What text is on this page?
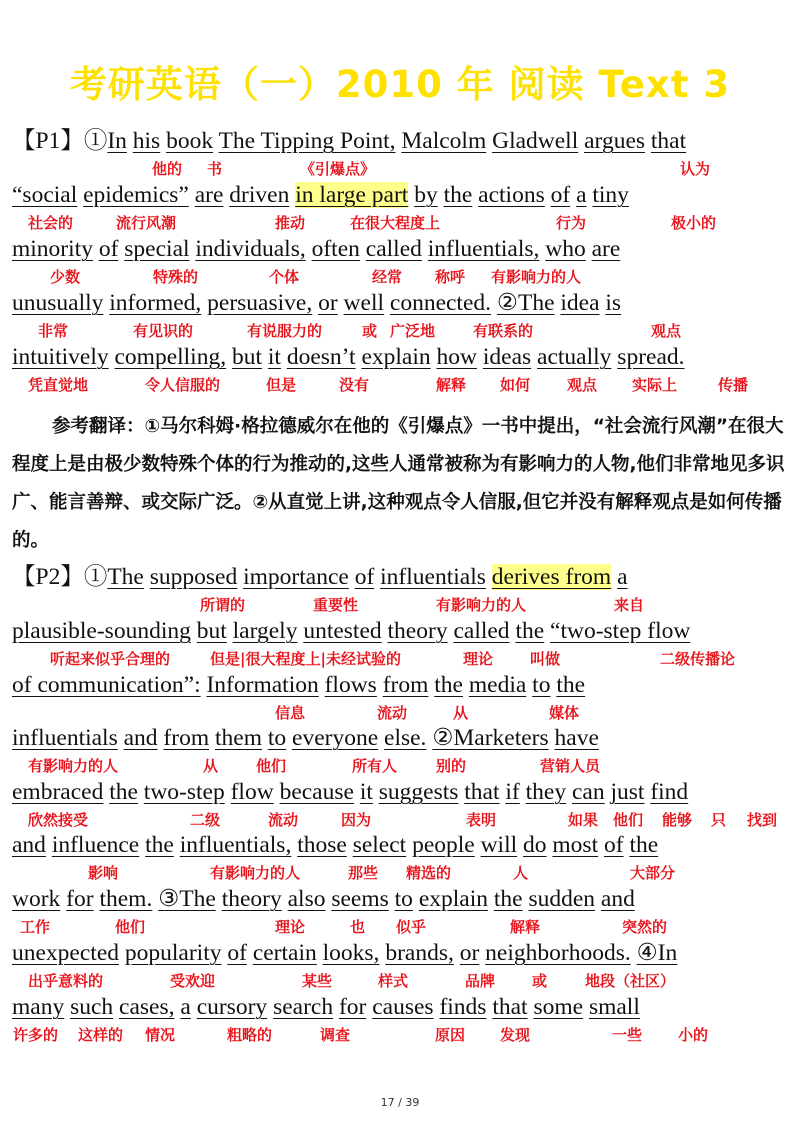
考研英语（一）2010 年 阅读 Text 3
【P1】①In his book The Tipping Point, Malcolm Gladwell argues that
他的 书	《引爆点》	认为
“social epidemics” are driven in large part by the actions of a tiny
社会的	流行风潮	推动	在很大程度上	行为	极小的
minority of special individuals, often called influentials, who are
少数	特殊的	个体	经常 称呼 有影响力的人
unusually informed, persuasive, or well connected. ②The idea is
非常	有见识的	有说服力的	或 广泛地	有联系的	观点
intuitively compelling, but it doesn’t explain how ideas actually spread.
凭直觉地	令人信服的	但是	没有	解释 如何 观点 实际上	传播
【P2】①The supposed importance of influentials derives from a
所谓的	重要性	有影响力的人	来自
plausible-sounding but largely untested theory called the “two-step flow
听起来似乎合理的	但是|很大程度上|未经试验的	理论 叫做	二级传播论
of communication”: Information flows from the media to the
信息	流动	从	媒体
influentials and from them to everyone else. ②Marketers have
有影响力的人	从	他们	所有人	别的	营销人员
embraced the two-step flow because it suggests that if they can just find
欣然接受	二级	流动	因为	表明	如果 他们 能够 只 找到
and influence the influentials, those select people will do most of the
影响	有影响力的人	那些 精选的	人	大部分
work for them. ③The theory also seems to explain the sudden and
工作	他们	理论	也 似乎	解释	突然的
unexpected popularity of certain looks, brands, or neighborhoods. ④In
出乎意料的	受欢迎	某些	样式	品牌 或	地段（社区）
many such cases, a cursory search for causes finds that some small
许多的 这样的 情况	粗略的	调查	原因 发现	一些 小的
参考翻译：①马尔科姆·格拉德威尔在他的《引爆点》一书中提出，“社会流行风潮”在很大程度上是由极少数特殊个体的行为推动的,这些人通常被称为有影响力的人物,他们非常地见多识广、能言善辩、或交际广泛。②从直觉上讲,这种观点令人信服,但它并没有解释观点是如何传播的。
17 / 39
